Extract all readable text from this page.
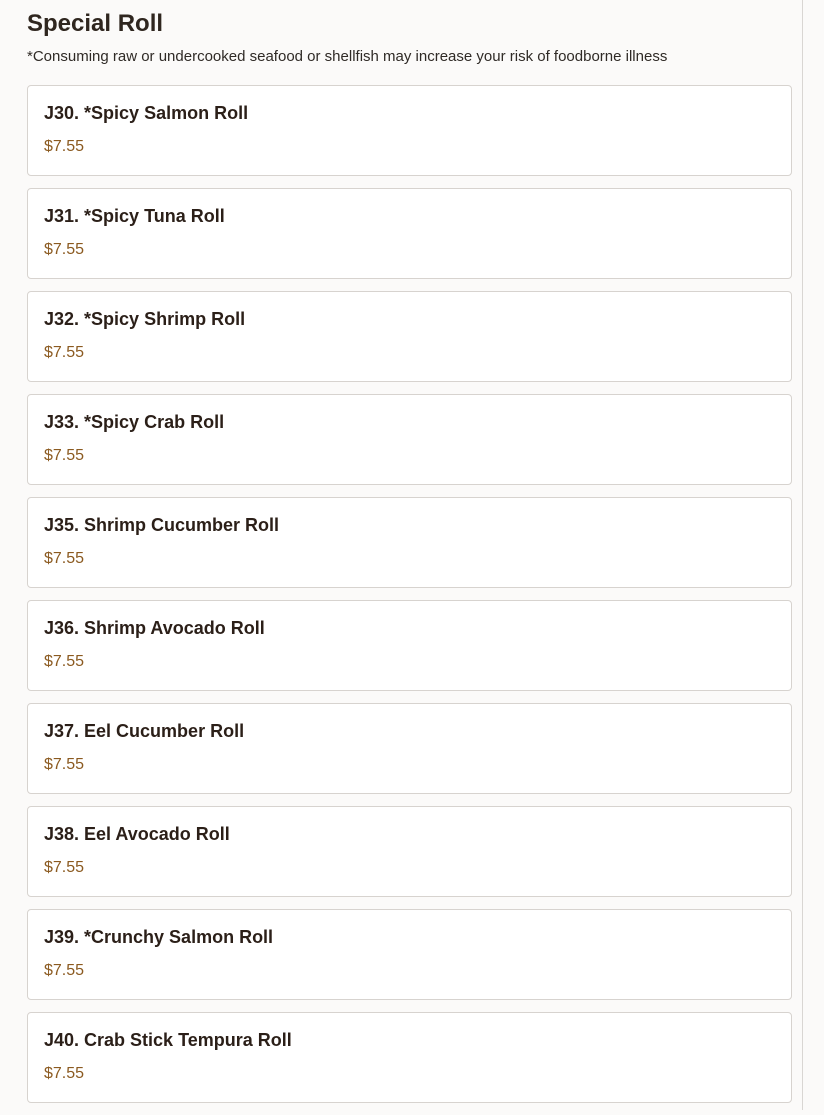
Special Roll

*Consuming raw or undercooked seafood or shellfish may increase your risk of foodborne illness

J30. *Spicy Salmon Roll
$7.55
J31. *Spicy Tuna Roll
$7.55
J32. *Spicy Shrimp Roll
$7.55
J33. *Spicy Crab Roll
$7.55
J35. Shrimp Cucumber Roll
$7.55
J36. Shrimp Avocado Roll
$7.55
J37. Eel Cucumber Roll
$7.55
J38. Eel Avocado Roll
$7.55
J39. *Crunchy Salmon Roll
$7.55
J40. Crab Stick Tempura Roll
$7.55
